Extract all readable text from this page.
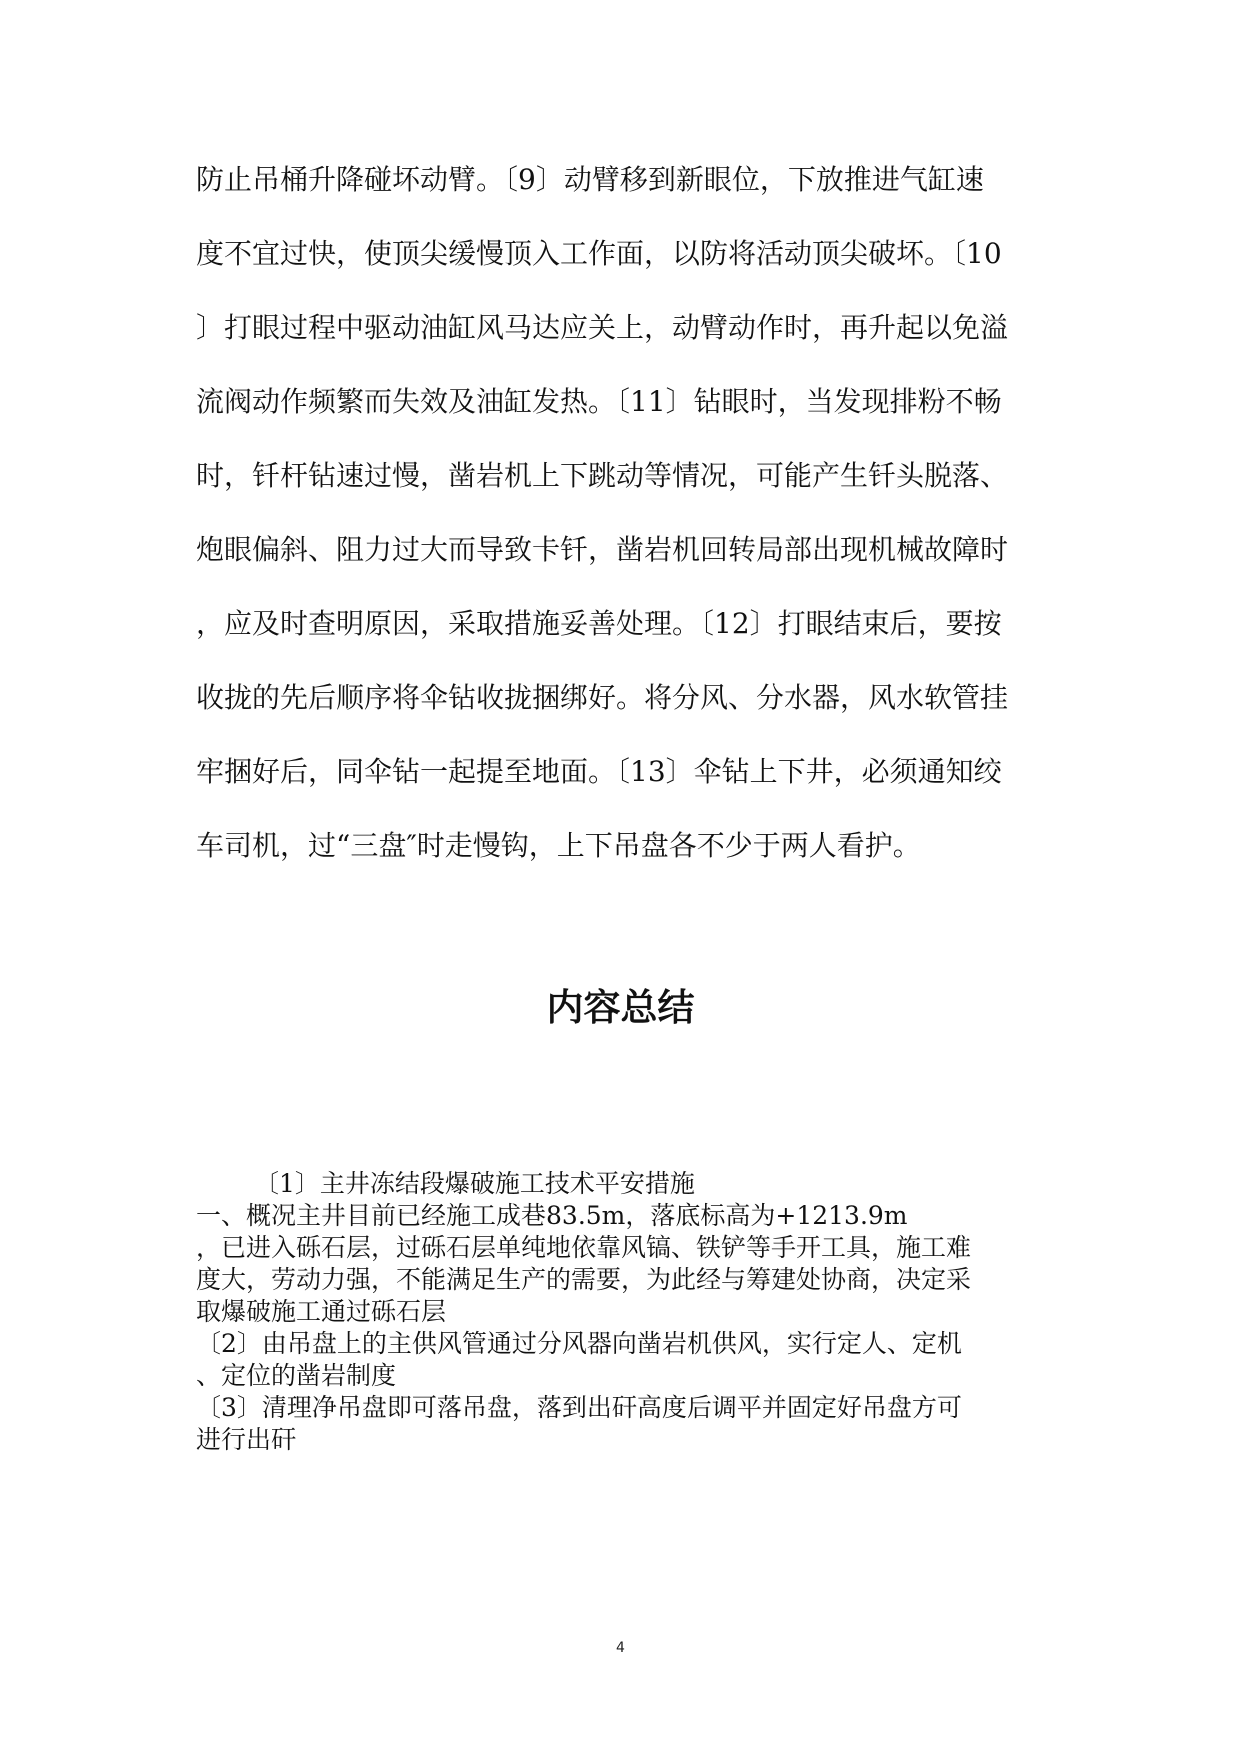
防止吊桶升降碰坏动臂。〔9〕动臂移到新眼位，下放推进气缸速
度不宜过快，使顶尖缓慢顶入工作面，以防将活动顶尖破坏。〔10
〕打眼过程中驱动油缸风马达应关上，动臂动作时，再升起以免溢
流阀动作频繁而失效及油缸发热。〔11〕钻眼时，当发现排粉不畅
时，钎杆钻速过慢，凿岩机上下跳动等情况，可能产生钎头脱落、
炮眼偏斜、阻力过大而导致卡钎，凿岩机回转局部出现机械故障时
，应及时查明原因，采取措施妥善处理。〔12〕打眼结束后，要按
收拢的先后顺序将伞钻收拢捆绑好。将分风、分水器，风水软管挂
牢捆好后，同伞钻一起提至地面。〔13〕伞钻上下井，必须通知绞
车司机，过“三盘″时走慢钩，上下吊盘各不少于两人看护。
内容总结
〔1〕主井冻结段爆破施工技术平安措施
一、概况主井目前已经施工成巷83.5m，落底标高为+1213.9m
，已进入砾石层，过砾石层单纯地依靠风镐、铁铲等手开工具，施工难
度大，劳动力强，不能满足生产的需要，为此经与筹建处协商，决定采
取爆破施工通过砾石层
〔2〕由吊盘上的主供风管通过分风器向凿岩机供风，实行定人、定机
、定位的凿岩制度
〔3〕清理净吊盘即可落吊盘，落到出矸高度后调平并固定好吊盘方可
进行出矸
4
